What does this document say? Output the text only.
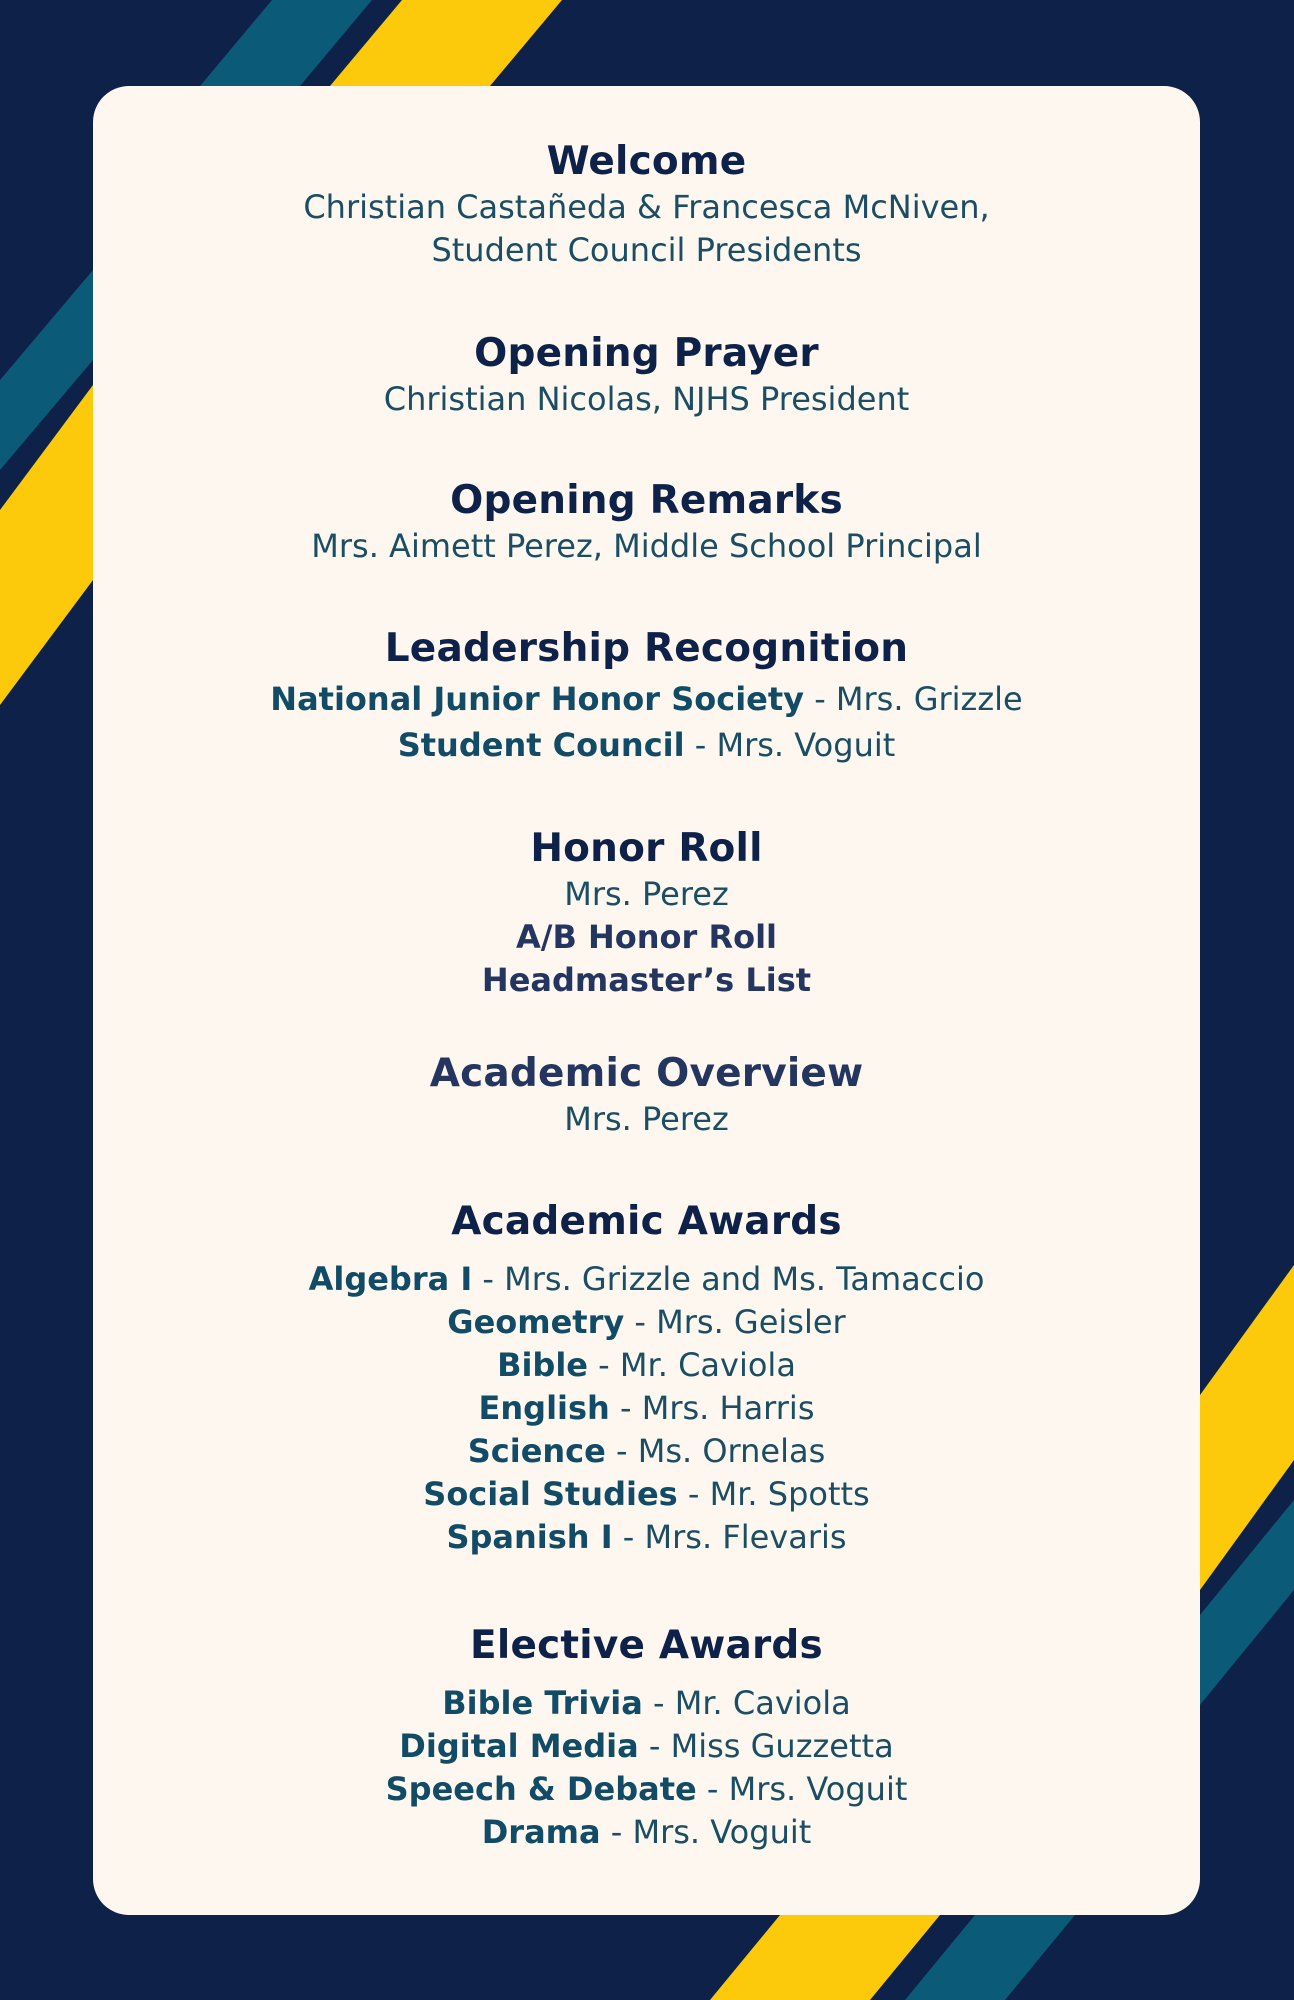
Welcome
Christian Castañeda & Francesca McNiven,
Student Council Presidents
Opening Prayer
Christian Nicolas, NJHS President
Opening Remarks
Mrs. Aimett Perez, Middle School Principal
Leadership Recognition
National Junior Honor Society - Mrs. Grizzle
Student Council - Mrs. Voguit
Honor Roll
Mrs. Perez
A/B Honor Roll
Headmaster’s List
Academic Overview
Mrs. Perez
Academic Awards
Algebra I - Mrs. Grizzle and Ms. Tamaccio
Geometry - Mrs. Geisler
Bible - Mr. Caviola
English - Mrs. Harris
Science - Ms. Ornelas
Social Studies - Mr. Spotts
Spanish I - Mrs. Flevaris
Elective Awards
Bible Trivia - Mr. Caviola
Digital Media - Miss Guzzetta
Speech & Debate - Mrs. Voguit
Drama - Mrs. Voguit
